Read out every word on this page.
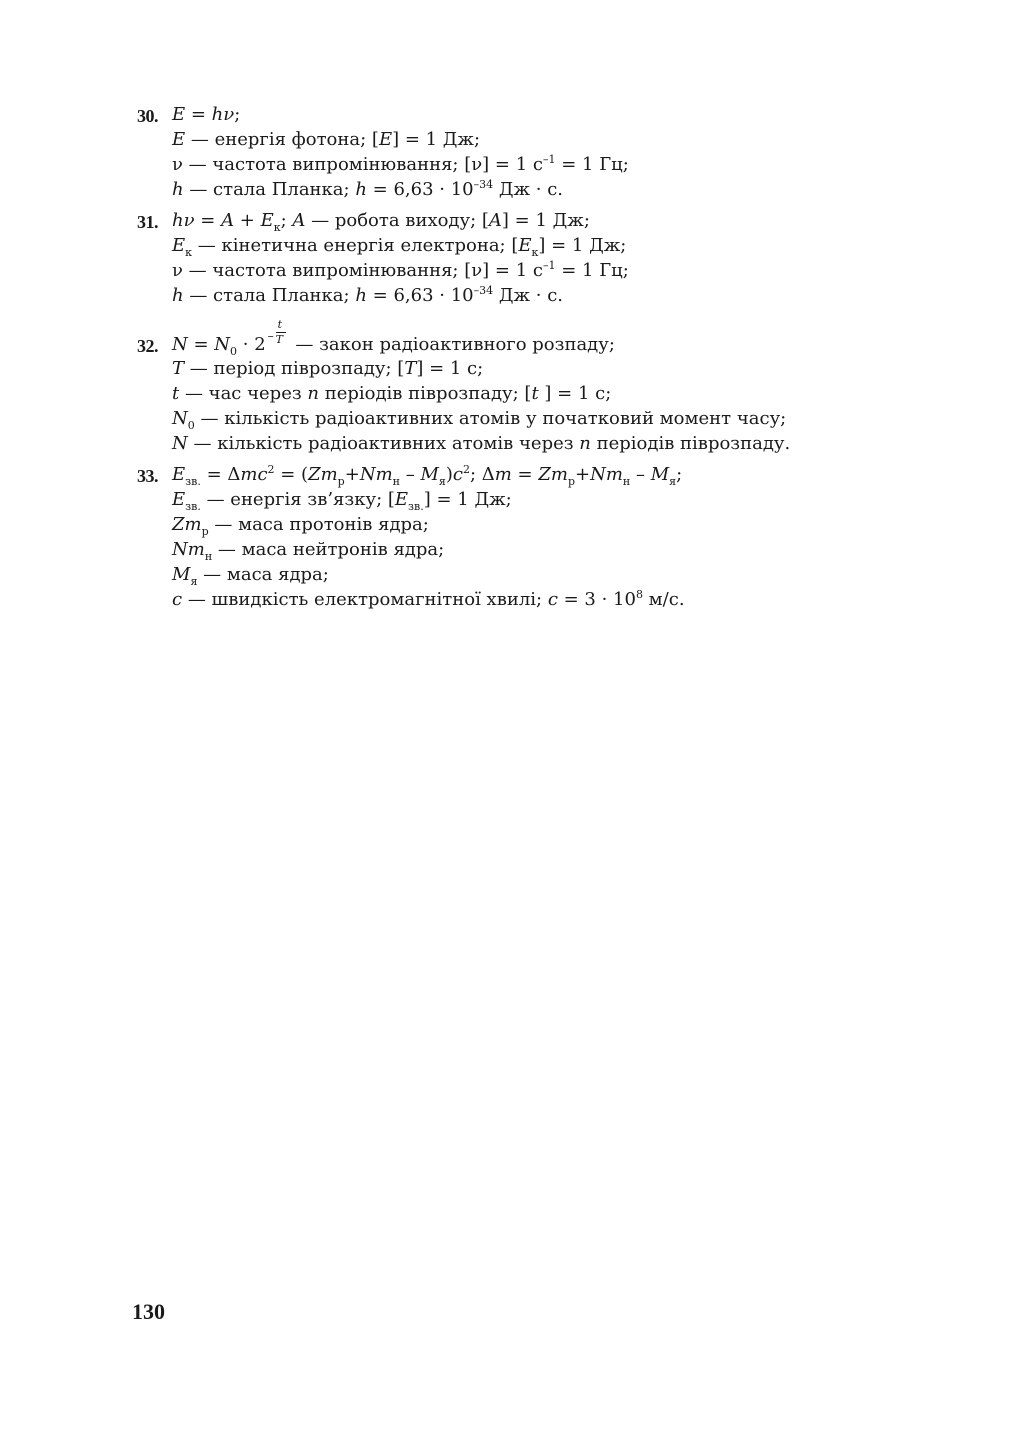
30. E = hν;
E — енергія фотона; [E] = 1 Дж;
ν — частота випромінювання; [ν] = 1 $с^{-1} = 1$ Гц;
h — стала Планка; $h = 6,63 \cdot 10^{-34}$ Дж · с.
31. $h\nu = A + E_к$; A — робота виходу; [A] = 1 Дж;
$E_к$ — кінетична енергія електрона; $[E_к] = 1$ Дж;
ν — частота випромінювання; [ν] = 1 $с^{-1} = 1$ Гц;
h — стала Планка; $h = 6,63 \cdot 10^{-34}$ Дж · с.
32. $N = N_0 \cdot 2$ –
t
T — закон радіоактивного розпаду;
T — період піврозпаду; [T] = 1 с;
t — час через n періодів піврозпаду; [t ] = 1 с;
$N_0$ — кількість радіоактивних атомів у початковий момент часу;
N — кількість радіоактивних атомів через n періодів піврозпаду.
33. $E_{зв.} = \Delta mc^2 = (Zm_р+Nm_н - M_я)c^2$; $\Delta m = Zm_р+Nm_н - M_я$;
$E_{зв.}$ — енергія зв’язку; $[E_{зв.}] = 1$ Дж;
$Zm_р$ — маса протонів ядра;
$Nm_н$ — маса нейтронів ядра;
$M_я$ — маса ядра;
c — швидкість електромагнітної хвилі; $c = 3 \cdot 10^8$ м/с.
130
